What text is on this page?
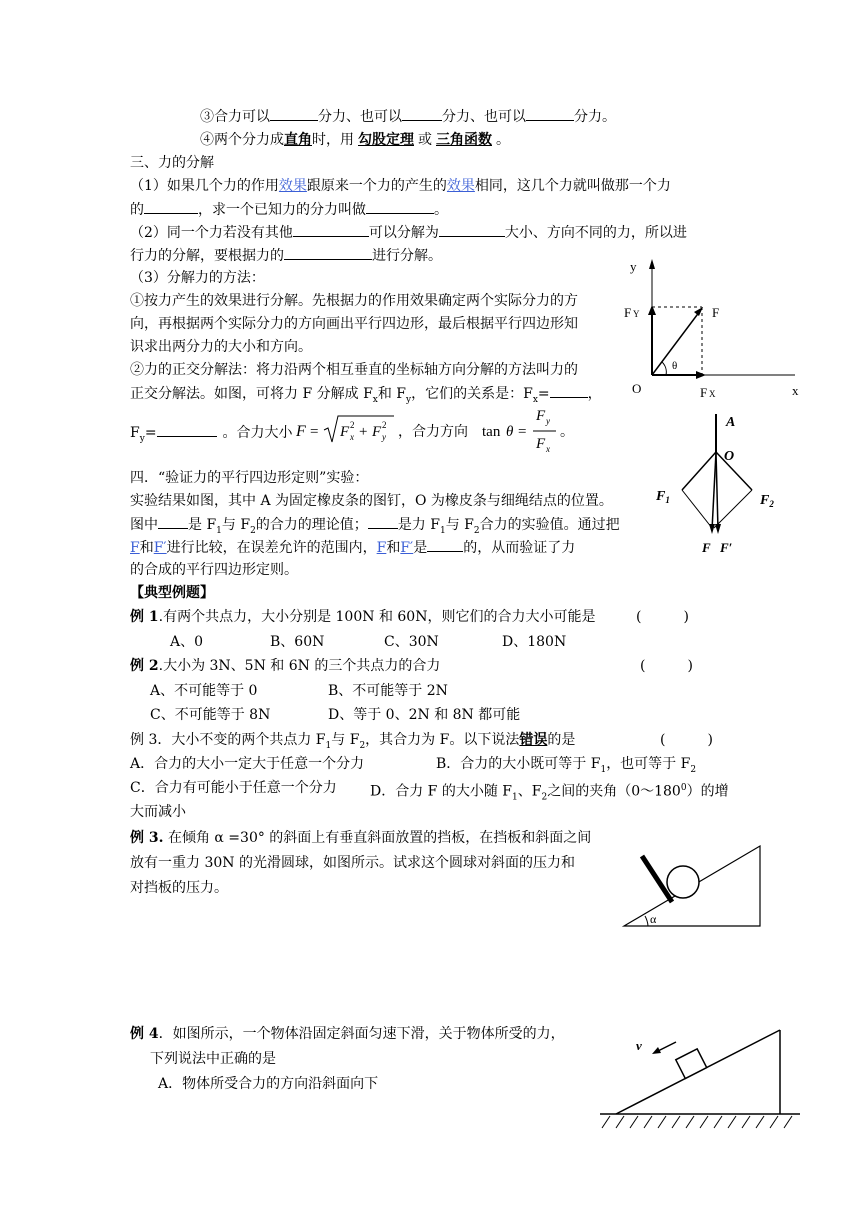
③合力可以	分力、也可以	分力、也可以	分力。
④两个分力成直角时，用 勾股定理 或 三角函数 。
三、力的分解
（1）如果几个力的作用效果跟原来一个力的产生的效果相同，这几个力就叫做那一个力
的	，求一个已知力的分力叫做	。
（2）同一个力若没有其他	可以分解为	大小、方向不同的力，所以进
行力的分解，要根据力的	进行分解。
（3）分解力的方法：
①按力产生的效果进行分解。先根据力的作用效果确定两个实际分力的方
向，再根据两个实际分力的方向画出平行四边形，最后根据平行四边形知
识求出两分力的大小和方向。
②力的正交分解法：将力沿两个相互垂直的坐标轴方向分解的方法叫力的
正交分解法。如图，可将力 F 分解成 $F_x$和 $F_y$，它们的关系是：$F_x=$	，
$F_y=$	。合力大小 F = F x
2 + F y
2 ，合力方向 tan θ =
F y
F x
。
y
x
O
F Y
F X
F
θ
四．“验证力的平行四边形定则”实验：
实验结果如图，其中 A 为固定橡皮条的图钉，O 为橡皮条与细绳结点的位置。
图中 是 $F_1$与 $F_2$的合力的理论值； 是力 $F_1$与 $F_2$合力的实验值。通过把
F和F′进行比较，在误差允许的范围内，F和F′是	的，从而验证了力
的合成的平行四边形定则。
A
O
$F_1$	$F_2$
F F′
【典型例题】
例 1.有两个共点力，大小分别是 100N 和 60N，则它们的合力大小可能是	(　　　)
A、0	B、60N	C、30N	D、180N
例 2.大小为 3N、5N 和 6N 的三个共点力的合力	(　　　)
A、不可能等于 0	B、不可能等于 2N
C、不可能等于 8N	D、等于 0、2N 和 8N 都可能
例 3．大小不变的两个共点力 $F_1$与 $F_2$，其合力为 F。以下说法错误的是	(　　　)
A．合力的大小一定大于任意一个分力	B．合力的大小既可等于 $F_1$，也可等于 $F_2$
C．合力有可能小于任意一个分力 D．合力 F 的大小随 $F_1$、$F_2$之间的夹角$(0\sim 180^0)$的增
大而减小
例 3. 在倾角 α =30° 的斜面上有垂直斜面放置的挡板，在挡板和斜面之间
放有一重力 30N 的光滑圆球，如图所示。试求这个圆球对斜面的压力和
对挡板的压力。
α
例 4．如图所示，一个物体沿固定斜面匀速下滑，关于物体所受的力，
下列说法中正确的是
A．物体所受合力的方向沿斜面向下
v
